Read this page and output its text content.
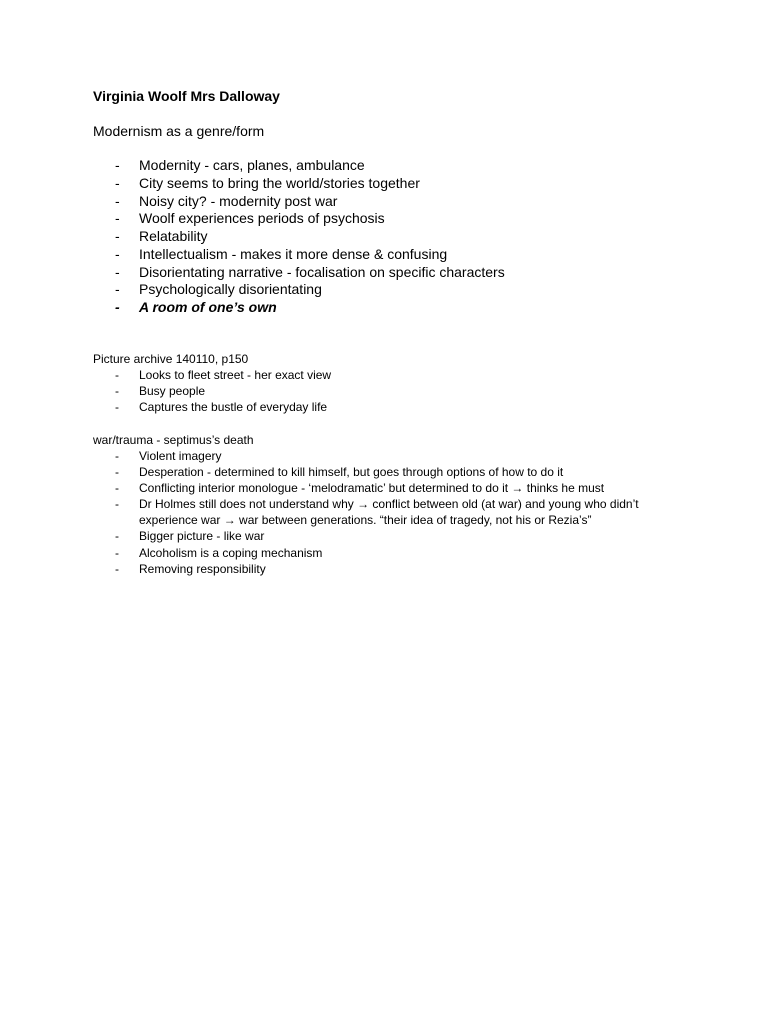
Virginia Woolf Mrs Dalloway
Modernism as a genre/form
- Modernity - cars, planes, ambulance
- City seems to bring the world/stories together
- Noisy city? - modernity post war
- Woolf experiences periods of psychosis
- Relatability
- Intellectualism - makes it more dense & confusing
- Disorientating narrative - focalisation on specific characters
- Psychologically disorientating
- A room of one’s own
Picture archive 140110, p150
- Looks to fleet street - her exact view
- Busy people
- Captures the bustle of everyday life
war/trauma - septimus’s death
- Violent imagery
- Desperation - determined to kill himself, but goes through options of how to do it
- Conflicting interior monologue - ‘melodramatic’ but determined to do it → thinks he must
- Dr Holmes still does not understand why → conflict between old (at war) and young who didn’t experience war → war between generations. “their idea of tragedy, not his or Rezia’s”
- Bigger picture - like war
- Alcoholism is a coping mechanism
- Removing responsibility
